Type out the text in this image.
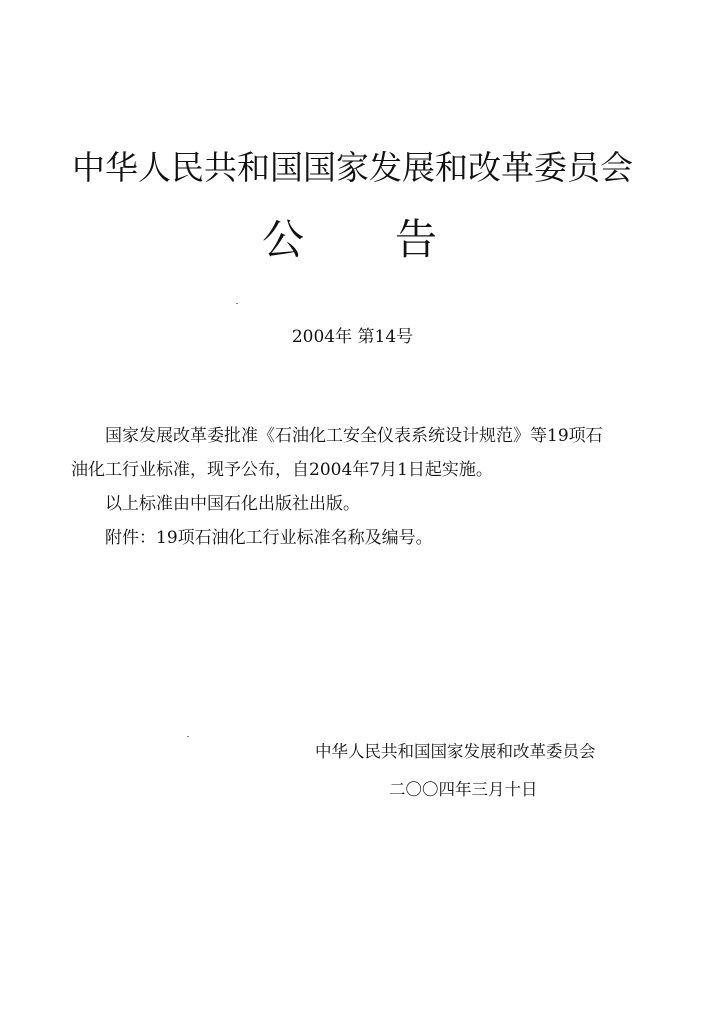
中华人民共和国国家发展和改革委员会
公 告
2004年 第14号

国家发展改革委批准《石油化工安全仪表系统设计规范》等19项石

油化工行业标准，现予公布，自2004年7月1日起实施。

以上标准由中国石化出版社出版。

附件：19项石油化工行业标准名称及编号。

中华人民共和国国家发展和改革委员会
二〇〇四年三月十日
